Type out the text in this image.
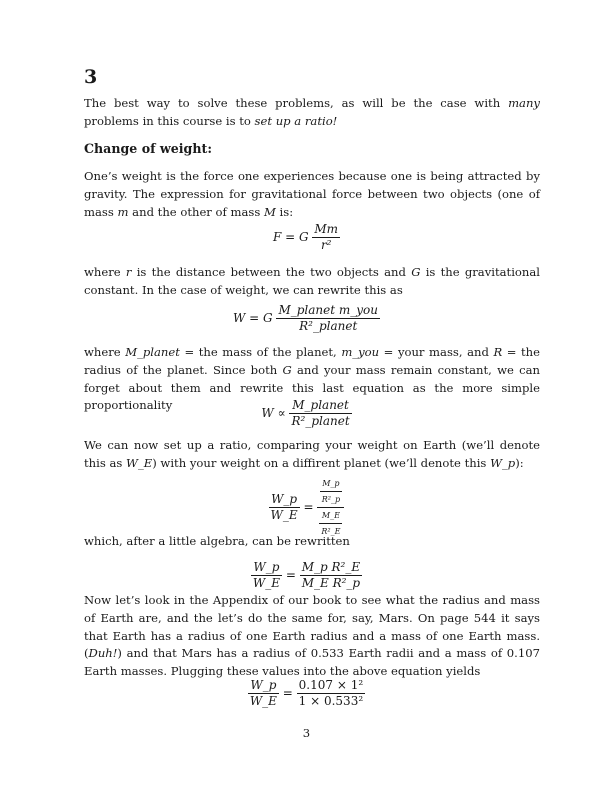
3

The best way to solve these problems, as will be the case with many problems in this course is to set up a ratio!

Change of weight:

One’s weight is the force one experiences because one is being attracted by gravity. The expression for gravitational force between two objects (one of mass m and the other of mass M is:

F = G $\frac{Mm}{\text{r²}}$

where r is the distance between the two objects and G is the gravitational constant. In the case of weight, we can rewrite this as

W = G $\frac{\text{M\_planet m\_you}}{\text{R²\_planet}}$

where M_planet = the mass of the planet, m_you = your mass, and R = the radius of the planet. Since both G and your mass remain constant, we can forget about them and rewrite this last equation as the more simple proportionality

$W \propto \frac{\text{M\_planet}}{\text{R²\_planet}}$

We can now set up a ratio, comparing your weight on Earth (we’ll denote this as W_E) with your weight on a diffirent planet (we’ll denote this W_p):

$\frac{W\_p}{W\_E} = \frac{\frac{M\_p}{\text{R²\_p}}}{\frac{M\_E}{\text{R²\_E}}}$

which, after a little algebra, can be rewritten

$\frac{W\_p}{W\_E} = \frac{\text{M\_p R²\_E}}{\text{M\_E R²\_p}}$

Now let’s look in the Appendix of our book to see what the radius and mass of Earth are, and the let’s do the same for, say, Mars. On page 544 it says that Earth has a radius of one Earth radius and a mass of one Earth mass. (Duh!) and that Mars has a radius of 0.533 Earth radii and a mass of 0.107 Earth masses. Plugging these values into the above equation yields

$\frac{W\_p}{W\_E} = \frac{\text{0.107 × 1²}}{\text{1 × 0.533²}}$
3
